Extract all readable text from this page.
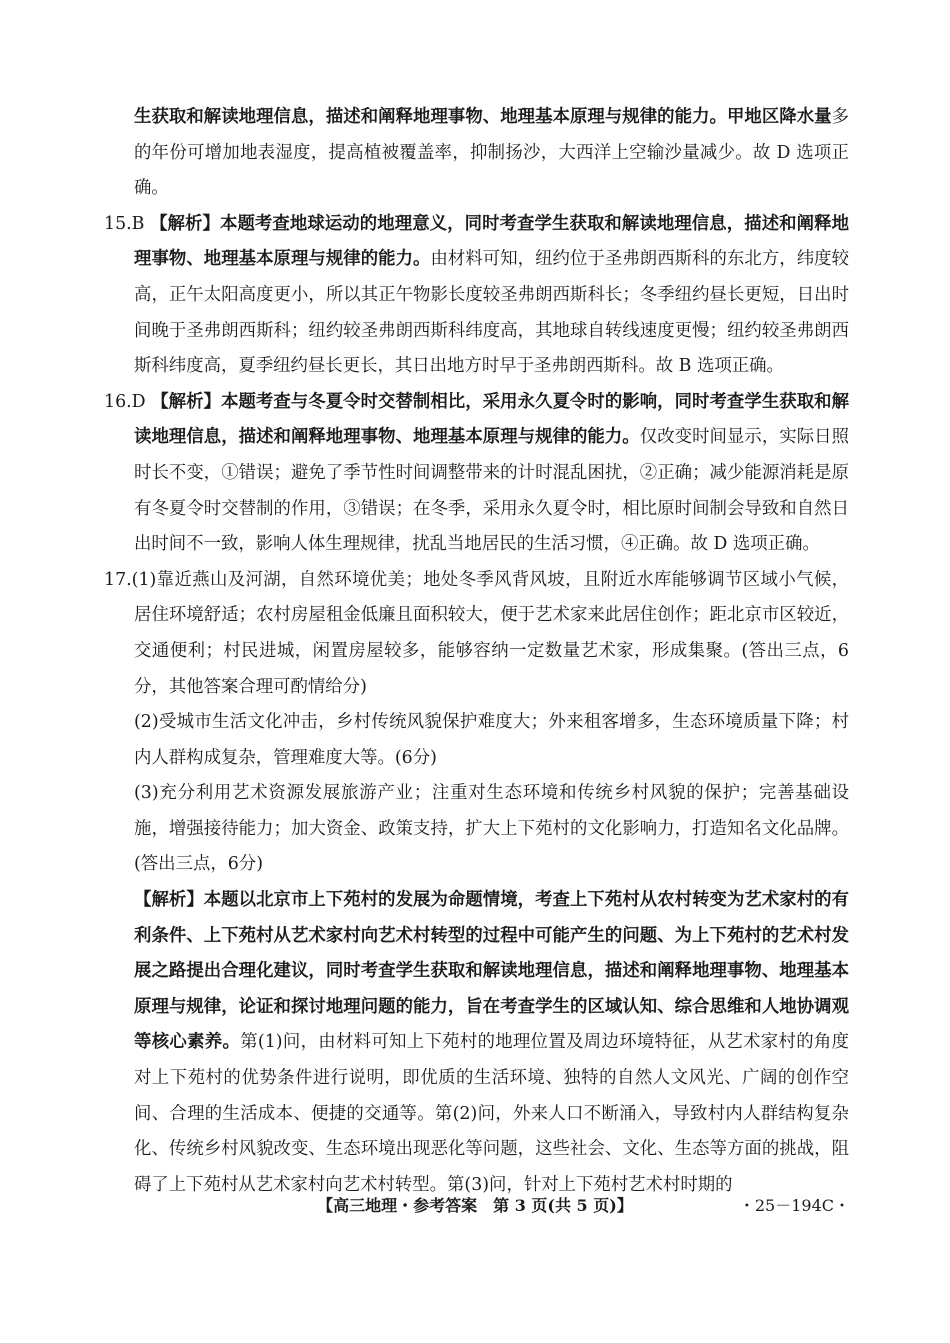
生获取和解读地理信息，描述和阐释地理事物、地理基本原理与规律的能力。甲地区降水量多的年份可增加地表湿度，提高植被覆盖率，抑制扬沙，大西洋上空输沙量减少。故 D 选项正确。
15.B 【解析】本题考查地球运动的地理意义，同时考查学生获取和解读地理信息，描述和阐释地理事物、地理基本原理与规律的能力。由材料可知，纽约位于圣弗朗西斯科的东北方，纬度较高，正午太阳高度更小，所以其正午物影长度较圣弗朗西斯科长；冬季纽约昼长更短，日出时间晚于圣弗朗西斯科；纽约较圣弗朗西斯科纬度高，其地球自转线速度更慢；纽约较圣弗朗西斯科纬度高，夏季纽约昼长更长，其日出地方时早于圣弗朗西斯科。故 B 选项正确。
16.D 【解析】本题考查与冬夏令时交替制相比，采用永久夏令时的影响，同时考查学生获取和解读地理信息，描述和阐释地理事物、地理基本原理与规律的能力。仅改变时间显示，实际日照时长不变，①错误；避免了季节性时间调整带来的计时混乱困扰，②正确；减少能源消耗是原有冬夏令时交替制的作用，③错误；在冬季，采用永久夏令时，相比原时间制会导致和自然日出时间不一致，影响人体生理规律，扰乱当地居民的生活习惯，④正确。故 D 选项正确。
17.(1)靠近燕山及河湖，自然环境优美；地处冬季风背风坡，且附近水库能够调节区域小气候，居住环境舒适；农村房屋租金低廉且面积较大，便于艺术家来此居住创作；距北京市区较近，交通便利；村民进城，闲置房屋较多，能够容纳一定数量艺术家，形成集聚。(答出三点，6分，其他答案合理可酌情给分)
(2)受城市生活文化冲击，乡村传统风貌保护难度大；外来租客增多，生态环境质量下降；村内人群构成复杂，管理难度大等。(6分)
(3)充分利用艺术资源发展旅游产业；注重对生态环境和传统乡村风貌的保护；完善基础设施，增强接待能力；加大资金、政策支持，扩大上下苑村的文化影响力，打造知名文化品牌。(答出三点，6分)
【解析】本题以北京市上下苑村的发展为命题情境，考查上下苑村从农村转变为艺术家村的有利条件、上下苑村从艺术家村向艺术村转型的过程中可能产生的问题、为上下苑村的艺术村发展之路提出合理化建议，同时考查学生获取和解读地理信息，描述和阐释地理事物、地理基本原理与规律，论证和探讨地理问题的能力，旨在考查学生的区域认知、综合思维和人地协调观等核心素养。第(1)问，由材料可知上下苑村的地理位置及周边环境特征，从艺术家村的角度对上下苑村的优势条件进行说明，即优质的生活环境、独特的自然人文风光、广阔的创作空间、合理的生活成本、便捷的交通等。第(2)问，外来人口不断涌入，导致村内人群结构复杂化、传统乡村风貌改变、生态环境出现恶化等问题，这些社会、文化、生态等方面的挑战，阻碍了上下苑村从艺术家村向艺术村转型。第(3)问，针对上下苑村艺术村时期的
【高三地理・参考答案　第 3 页(共 5 页)】	・25－194C・
